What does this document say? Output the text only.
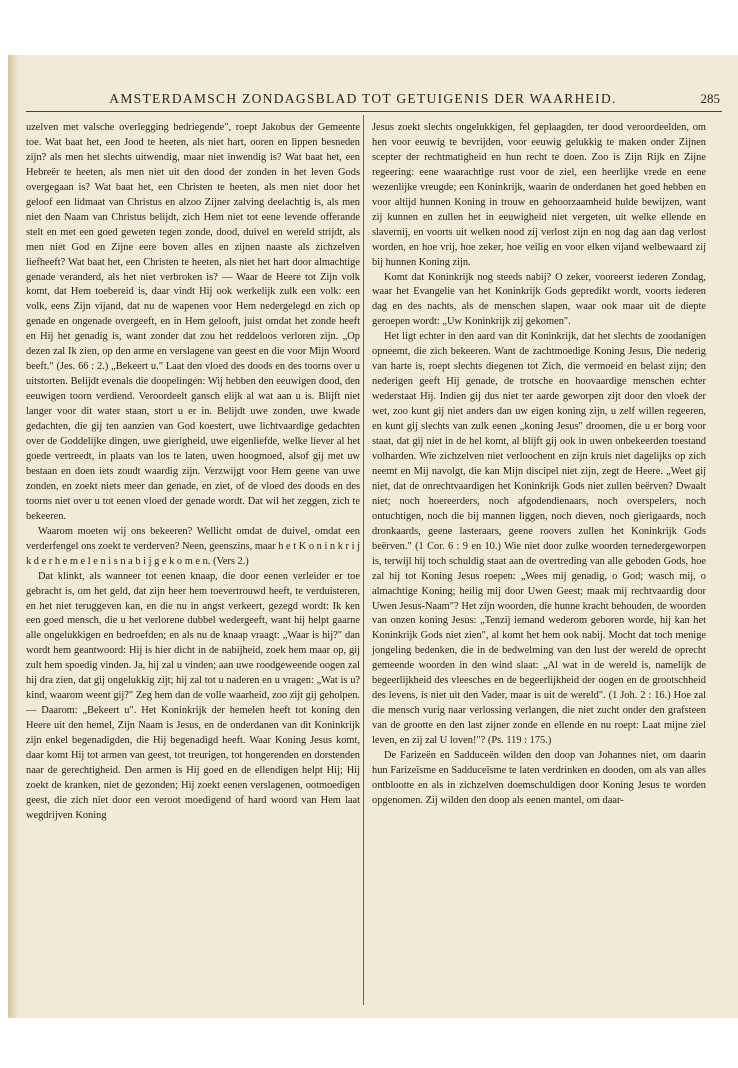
AMSTERDAMSCH ZONDAGSBLAD TOT GETUIGENIS DER WAARHEID.	285

uzelven met valsche overlegging bedriegende", roept Jakobus der Gemeente toe. Wat baat het, een Jood te heeten, als niet hart, ooren en lippen besneden zijn? als men het slechts uitwendig, maar niet inwendig is? Wat baat het, een Hebreër te heeten, als men niet uit den dood der zonden in het leven Gods overgegaan is? Wat baat het, een Christen te heeten, als men niet door het geloof een lidmaat van Christus en alzoo Zijner zalving deelachtig is, als men niet den Naam van Christus belijdt, zich Hem niet tot eene levende offerande stelt en met een goed geweten tegen zonde, dood, duivel en wereld strijdt, als men niet God en Zijne eere boven alles en zijnen naaste als zichzelven liefheeft? Wat baat het, een Christen te heeten, als niet het hart door almachtige genade veranderd, als het niet verbroken is? — Waar de Heere tot Zijn volk komt, dat Hem toebereid is, daar vindt Hij ook werkelijk zulk een volk: een volk, eens Zijn vijand, dat nu de wapenen voor Hem nedergelegd en zich op genade en ongenade overgeeft, en in Hem gelooft, juist omdat het zonde heeft en Hij het genadig is, want zonder dat zou het reddeloos verloren zijn. „Op dezen zal Ik zien, op den arme en verslagene van geest en die voor Mijn Woord beeft." (Jes. 66 : 2.) „Bekeert u." Laat den vloed des doods en des toorns over u uitstorten. Belijdt evenals die doopelingen: Wij hebben den eeuwigen dood, den eeuwigen toorn verdiend. Veroordeelt gansch elijk al wat aan u is. Blijft niet langer voor dit water staan, stort u er in. Belijdt uwe zonden, uwe kwade gedachten, die gij ten aanzien van God koestert, uwe lichtvaardige gedachten over de Goddelijke dingen, uwe gierigheid, uwe eigenliefde, welke liever al het goede vertreedt, in plaats van los te laten, uwen hoogmoed, alsof gij met uw bestaan en doen iets zoudt waardig zijn. Verzwijgt voor Hem geene van uwe zonden, en zoekt niets meer dan genade, en ziet, of de vloed des doods en des toorns niet over u tot eenen vloed der genade wordt. Dat wil het zeggen, zich te bekeeren.

Waarom moeten wij ons bekeeren? Wellicht omdat de duivel, omdat een verderfengel ons zoekt te verderven? Neen, geenszins, maar h e t K o n i n k r i j k d e r h e m e l e n i s n a b i j g e k o m e n. (Vers 2.)

Dat klinkt, als wanneer tot eenen knaap, die door eenen verleider er toe gebracht is, om het geld, dat zijn heer hem toevertrouwd heeft, te verduisteren, en het niet teruggeven kan, en die nu in angst verkeert, gezegd wordt: Ik ken een goed mensch, die u het verlorene dubbel wedergeeft, want hij helpt gaarne alle ongelukkigen en bedroefden; en als nu de knaap vraagt: „Waar is hij?" dan wordt hem geantwoord: Hij is hier dicht in de nabijheid, zoek hem maar op, gij zult hem spoedig vinden. Ja, hij zal u vinden; aan uwe roodgeweende oogen zal hij dra zien, dat gij ongelukkig zijt; hij zal tot u naderen en u vragen: „Wat is u? kind, waarom weent gij?" Zeg hem dan de volle waarheid, zoo zijt gij geholpen. — Daarom: „Bekeert u". Het Koninkrijk der hemelen heeft tot koning den Heere uit den hemel, Zijn Naam is Jesus, en de onderdanen van dit Koninkrijk zijn enkel begenadigden, die Hij begenadigd heeft. Waar Koning Jesus komt, daar komt Hij tot armen van geest, tot treurigen, tot hongerenden en dorstenden naar de gerechtigheid. Den armen is Hij goed en de ellendigen helpt Hij; Hij zoekt de kranken, niet de gezonden; Hij zoekt eenen verslagenen, ootmoedigen geest, die zich niet door een veroot moedigend of hard woord van Hem laat wegdrijven Koning

Jesus zoekt slechts ongelukkigen, fel geplaagden, ter dood veroordeelden, om hen voor eeuwig te bevrijden, voor eeuwig gelukkig te maken onder Zijnen scepter der rechtmatigheid en hun recht te doen. Zoo is Zijn Rijk en Zijne regeering: eene waarachtige rust voor de ziel, een heerlijke vrede en eene wezenlijke vreugde; een Koninkrijk, waarin de onderdanen het goed hebben en voor altijd hunnen Koning in trouw en gehoorzaamheid hulde bewijzen, want zij kunnen en zullen het in eeuwigheid niet vergeten, uit welke ellende en slavernij, en voorts uit welken nood zij verlost zijn en nog dag aan dag verlost worden, en hoe vrij, hoe zeker, hoe veilig en voor elken vijand welbewaard zij bij hunnen Koning zijn.

Komt dat Koninkrijk nog steeds nabij? O zeker, vooreerst iederen Zondag, waar het Evangelie van het Koninkrijk Gods gepredikt wordt, voorts iederen dag en des nachts, als de menschen slapen, waar ook maar uit de diepte geroepen wordt: „Uw Koninkrijk zij gekomen".

Het ligt echter in den aard van dit Koninkrijk, dat het slechts de zoodanigen opneemt, die zich bekeeren. Want de zachtmoedige Koning Jesus, Die nederig van harte is, roept slechts diegenen tot Zich, die vermoeid en belast zijn; den nederigen geeft Hij genade, de trotsche en hoovaardige menschen echter wederstaat Hij. Indien gij dus niet ter aarde geworpen zijt door den vloek der wet, zoo kunt gij niet anders dan uw eigen koning zijn, u zelf willen regeeren, en kunt gij slechts van zulk eenen „koning Jesus" droomen, die u er borg voor staat, dat gij niet in de hel komt, al blijft gij ook in uwen onbekeerden toestand volharden. Wie zichzelven niet verloochent en zijn kruis niet dagelijks op zich neemt en Mij navolgt, die kan Mijn discipel niet zijn, zegt de Heere. „Weet gij niet, dat de onrechtvaardigen het Koninkrijk Gods niet zullen beërven? Dwaalt niet; noch hoereerders, noch afgodendienaars, noch overspelers, noch ontuchtigen, noch die bij mannen liggen, noch dieven, noch gierigaards, noch dronkaards, geene lasteraars, geene roovers zullen het Koninkrijk Gods beërven." (1 Cor. 6 : 9 en 10.) Wie niet door zulke woorden ternedergeworpen is, terwijl hij toch schuldig staat aan de overtreding van alle geboden Gods, hoe zal hij tot Koning Jesus roepen: „Wees mij genadig, o God; wasch mij, o almachtige Koning; heilig mij door Uwen Geest; maak mij rechtvaardig door Uwen Jesus-Naam"? Het zijn woorden, die hunne kracht behouden, de woorden van onzen koning Jesus: „Tenzij iemand wederom geboren worde, hij kan het Koninkrijk Gods niet zien", al komt het hem ook nabij. Mocht dat toch menige jongeling bedenken, die in de bedwelming van den lust der wereld de oprecht gemeende woorden in den wind slaat: „Al wat in de wereld is, namelijk de begeerlijkheid des vleesches en de begeerlijkheid der oogen en de grootschheid des levens, is niet uit den Vader, maar is uit de wereld". (1 Joh. 2 : 16.) Hoe zal die mensch vurig naar verlossing verlangen, die niet zucht onder den grafsteen van de grootte en den last zijner zonde en ellende en nu roept: Laat mijne ziel leven, en zij zal U loven!"? (Ps. 119 : 175.)

De Farizeën en Sadduceën wilden den doop van Johannes niet, om daarin hun Farizeïsme en Sadduceïsme te laten verdrinken en dooden, om als van alles ontblootte en als in zichzelven doemschuldigen door Koning Jesus te worden opgenomen. Zij wilden den doop als eenen mantel, om daar-
